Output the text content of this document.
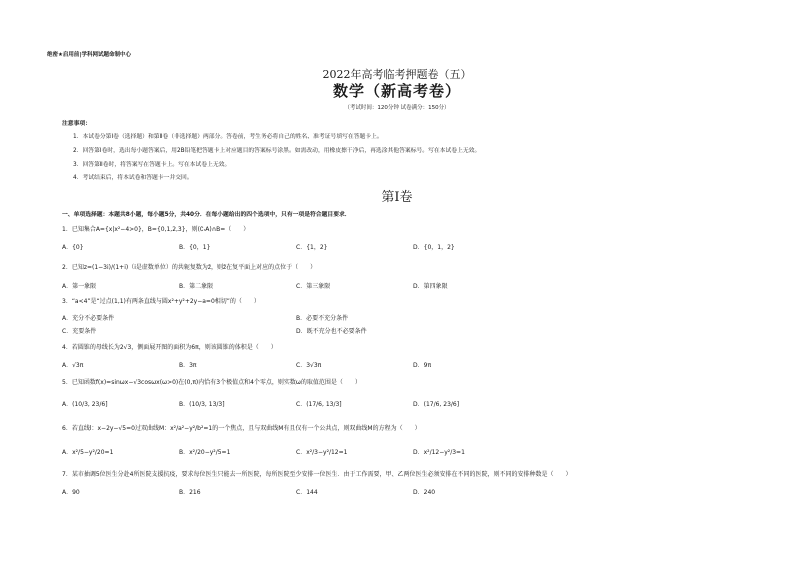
绝密★启用前|学科网试题命制中心
2022年高考临考押题卷（五）
数学（新高考卷）
（考试时间：120分钟 试卷满分：150分）
注意事项：
1．本试卷分第Ⅰ卷（选择题）和第Ⅱ卷（非选择题）两部分。答卷前，考生务必将自己的姓名、准考证号填写在答题卡上。
2．回答第Ⅰ卷时，选出每小题答案后，用2B铅笔把答题卡上对应题目的答案标号涂黑。如需改动，用橡皮擦干净后，再选涂其他答案标号。写在本试卷上无效。
3．回答第Ⅱ卷时，将答案写在答题卡上。写在本试卷上无效。
4．考试结束后，将本试卷和答题卡一并交回。
第Ⅰ卷
一、单项选择题：本题共8小题，每小题5分，共40分．在每小题给出的四个选项中，只有一项是符合题目要求．
1．已知集合A={x|x²−4>0}，B={0,1,2,3}，则(∁ᵣA)∩B=（　　）
A．{0}	B．{0，1}	C．{1，2}	D．{0，1，2}
2．已知z=(1−3i)/(1+i)（i是虚数单位）的共轭复数为z̄，则z̄在复平面上对应的点位于（　　）
A．第一象限	B．第二象限	C．第三象限	D．第四象限
3．“a<4”是“过点(1,1)有两条直线与圆x²+y²+2y−a=0相切”的（　　）
A．充分不必要条件	B．必要不充分条件
C．充要条件	D．既不充分也不必要条件
4．若圆锥的母线长为2√3，侧面展开图的面积为6π，则该圆锥的体积是（　　）
A．√3π	B．3π	C．3√3π	D．9π
5．已知函数f(x)=sinωx−√3cosωx(ω>0)在(0,π)内恰有3个极值点和4个零点，则实数ω的取值范围是（　　）
A．(10/3, 23/6]	B．(10/3, 13/3]	C．(17/6, 13/3]	D．(17/6, 23/6]
6．若直线l：x−2y−√5=0过双曲线M：x²/a²−y²/b²=1的一个焦点，且与双曲线M有且仅有一个公共点，则双曲线M的方程为（　　）
A．x²/5−y²/20=1	B．x²/20−y²/5=1	C．x²/3−y²/12=1	D．x²/12−y²/3=1
7．某市抽调5位医生分赴4所医院支援抗疫，要求每位医生只能去一所医院，每所医院至少安排一位医生．由于工作需要，甲、乙两位医生必须安排在不同的医院，则不同的安排种数是（　　）
A．90	B．216	C．144	D．240
